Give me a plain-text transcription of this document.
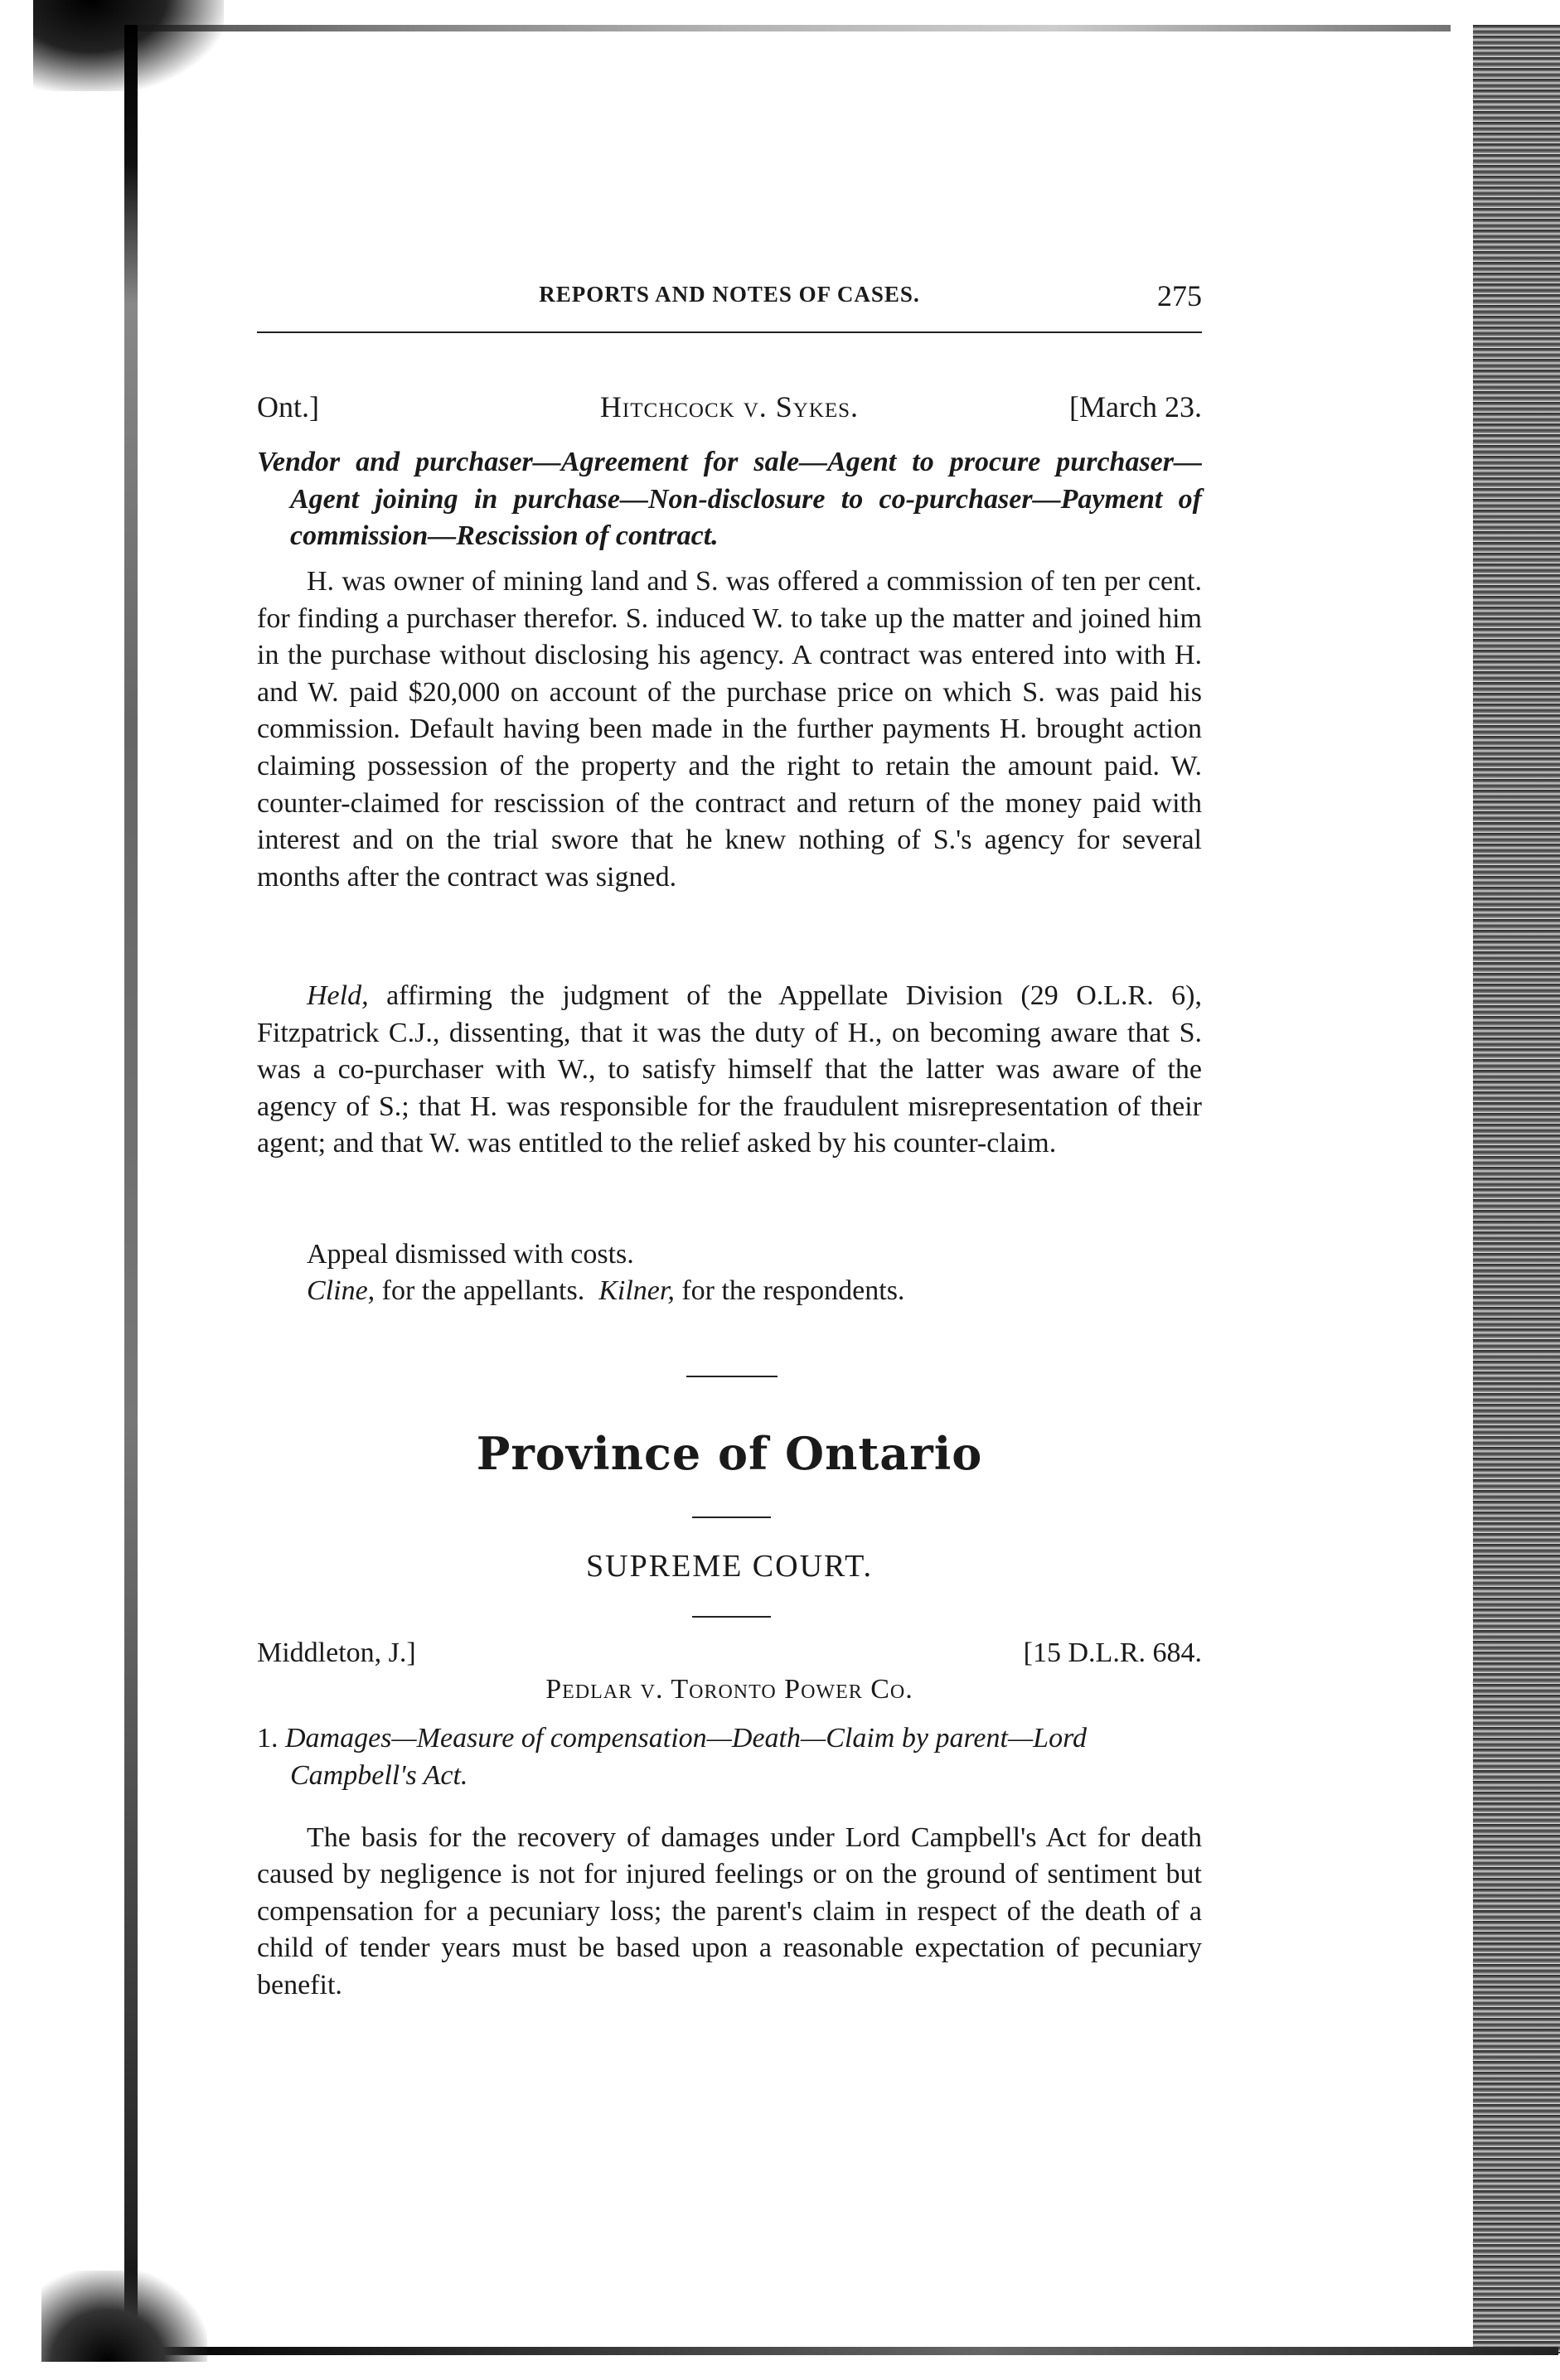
REPORTS AND NOTES OF CASES.	275
Ont.]	Hitchcock v. Sykes.	[March 23.
Vendor and purchaser—Agreement for sale—Agent to procure purchaser—Agent joining in purchase—Non-disclosure to co-purchaser—Payment of commission—Rescission of contract.
H. was owner of mining land and S. was offered a commission of ten per cent. for finding a purchaser therefor. S. induced W. to take up the matter and joined him in the purchase without disclosing his agency. A contract was entered into with H. and W. paid $20,000 on account of the purchase price on which S. was paid his commission. Default having been made in the further payments H. brought action claiming possession of the property and the right to retain the amount paid. W. counter-claimed for rescission of the contract and return of the money paid with interest and on the trial swore that he knew nothing of S.'s agency for several months after the contract was signed.
Held, affirming the judgment of the Appellate Division (29 O.L.R. 6), Fitzpatrick C.J., dissenting, that it was the duty of H., on becoming aware that S. was a co-purchaser with W., to satisfy himself that the latter was aware of the agency of S.; that H. was responsible for the fraudulent misrepresentation of their agent; and that W. was entitled to the relief asked by his counter-claim.
Appeal dismissed with costs.
Cline, for the appellants. Kilner, for the respondents.
Province of Ontario
SUPREME COURT.
Middleton, J.]	[15 D.L.R. 684.
Pedlar v. Toronto Power Co.
1. Damages—Measure of compensation—Death—Claim by parent—Lord Campbell's Act.
The basis for the recovery of damages under Lord Campbell's Act for death caused by negligence is not for injured feelings or on the ground of sentiment but compensation for a pecuniary loss; the parent's claim in respect of the death of a child of tender years must be based upon a reasonable expectation of pecuniary benefit.
